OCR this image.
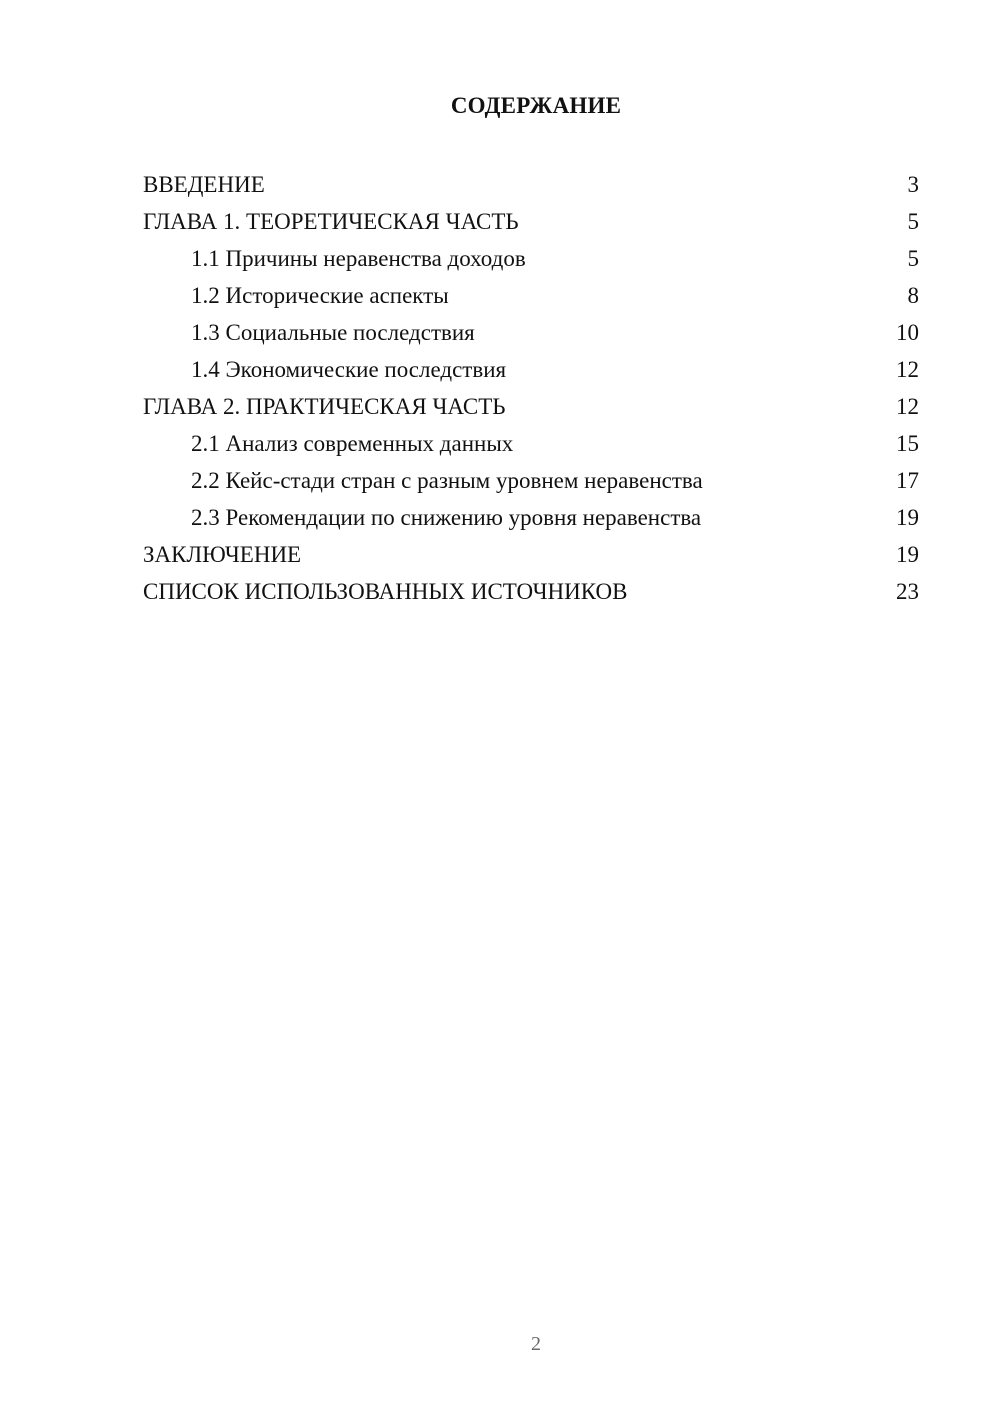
СОДЕРЖАНИЕ
ВВЕДЕНИЕ	3
ГЛАВА 1. ТЕОРЕТИЧЕСКАЯ ЧАСТЬ	5
1.1 Причины неравенства доходов	5
1.2 Исторические аспекты	8
1.3 Социальные последствия	10
1.4 Экономические последствия	12
ГЛАВА 2. ПРАКТИЧЕСКАЯ ЧАСТЬ	12
2.1 Анализ современных данных	15
2.2 Кейс-стади стран с разным уровнем неравенства	17
2.3 Рекомендации по снижению уровня неравенства	19
ЗАКЛЮЧЕНИЕ	19
СПИСОК ИСПОЛЬЗОВАННЫХ ИСТОЧНИКОВ	23
2
